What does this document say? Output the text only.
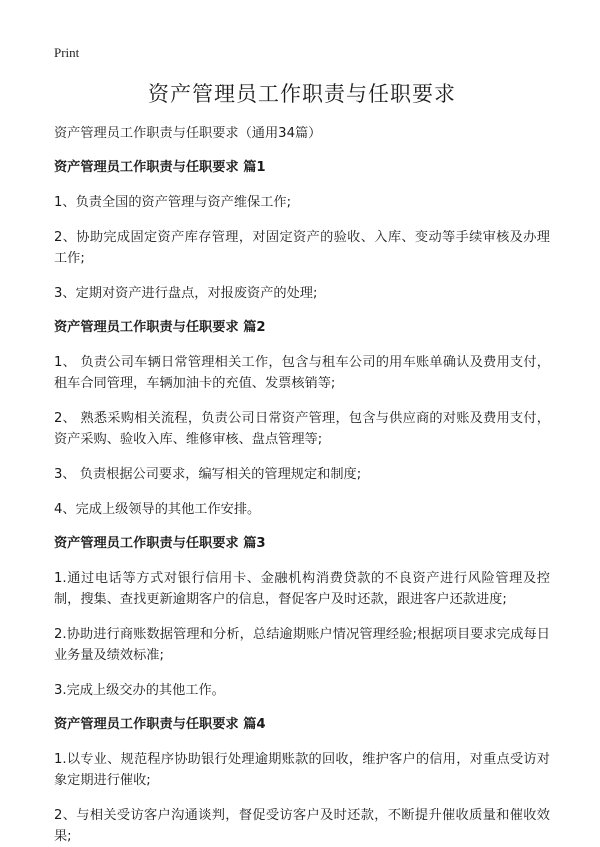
Print
资产管理员工作职责与任职要求
资产管理员工作职责与任职要求（通用34篇）
资产管理员工作职责与任职要求 篇1

1、负责全国的资产管理与资产维保工作;

2、协助完成固定资产库存管理，对固定资产的验收、入库、变动等手续审核及办理工作;

3、定期对资产进行盘点，对报废资产的处理;

资产管理员工作职责与任职要求 篇2

1、 负责公司车辆日常管理相关工作，包含与租车公司的用车账单确认及费用支付，租车合同管理，车辆加油卡的充值、发票核销等;

2、 熟悉采购相关流程，负责公司日常资产管理，包含与供应商的对账及费用支付，资产采购、验收入库、维修审核、盘点管理等;

3、 负责根据公司要求，编写相关的管理规定和制度;

4、完成上级领导的其他工作安排。

资产管理员工作职责与任职要求 篇3

1.通过电话等方式对银行信用卡、金融机构消费贷款的不良资产进行风险管理及控制，搜集、查找更新逾期客户的信息，督促客户及时还款，跟进客户还款进度;

2.协助进行商账数据管理和分析，总结逾期账户情况管理经验;根据项目要求完成每日业务量及绩效标准;

3.完成上级交办的其他工作。

资产管理员工作职责与任职要求 篇4

1.以专业、规范程序协助银行处理逾期账款的回收，维护客户的信用，对重点受访对象定期进行催收;

2、与相关受访客户沟通谈判，督促受访客户及时还款，不断提升催收质量和催收效果;
